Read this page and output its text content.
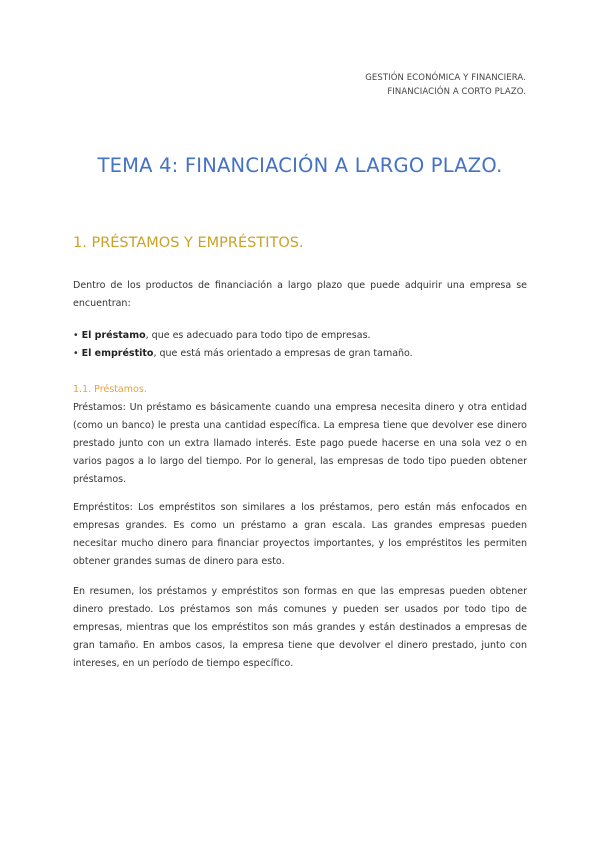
GESTIÓN ECONÓMICA Y FINANCIERA.
FINANCIACIÓN A CORTO PLAZO.
TEMA 4: FINANCIACIÓN A LARGO PLAZO.
1. PRÉSTAMOS Y EMPRÉSTITOS.

Dentro de los productos de financiación a largo plazo que puede adquirir una empresa se encuentran:

• El préstamo, que es adecuado para todo tipo de empresas.
• El empréstito, que está más orientado a empresas de gran tamaño.
1.1. Préstamos.

Préstamos: Un préstamo es básicamente cuando una empresa necesita dinero y otra entidad (como un banco) le presta una cantidad específica. La empresa tiene que devolver ese dinero prestado junto con un extra llamado interés. Este pago puede hacerse en una sola vez o en varios pagos a lo largo del tiempo. Por lo general, las empresas de todo tipo pueden obtener préstamos.

Empréstitos: Los empréstitos son similares a los préstamos, pero están más enfocados en empresas grandes. Es como un préstamo a gran escala. Las grandes empresas pueden necesitar mucho dinero para financiar proyectos importantes, y los empréstitos les permiten obtener grandes sumas de dinero para esto.

En resumen, los préstamos y empréstitos son formas en que las empresas pueden obtener dinero prestado. Los préstamos son más comunes y pueden ser usados por todo tipo de empresas, mientras que los empréstitos son más grandes y están destinados a empresas de gran tamaño. En ambos casos, la empresa tiene que devolver el dinero prestado, junto con intereses, en un período de tiempo específico.
